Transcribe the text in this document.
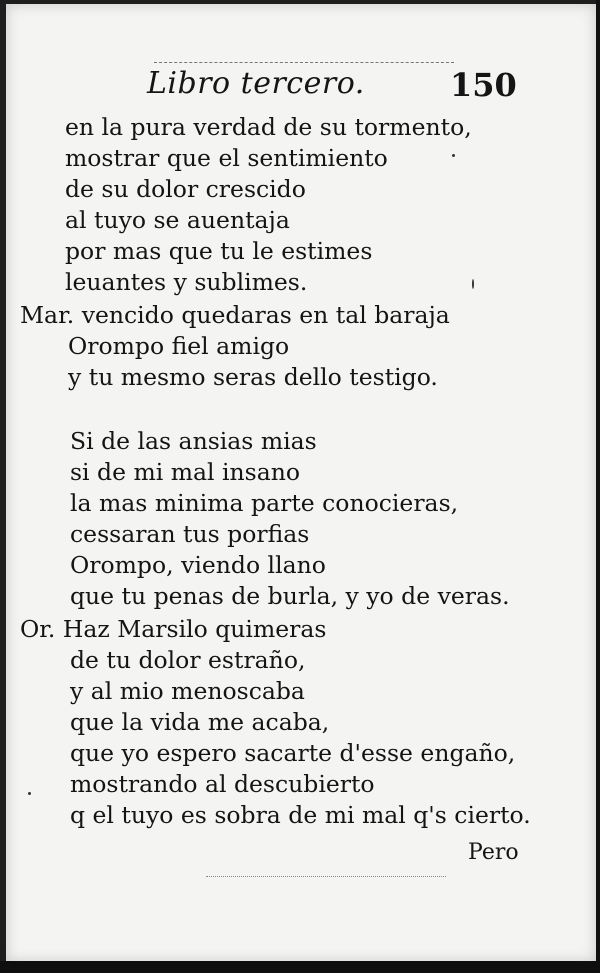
Libro tercero.	150
en la pura verdad de su tormento,
mostrar que el sentimiento
de su dolor crescido
al tuyo se auentaja
por mas que tu le estimes
leuantes y sublimes.
Mar. vencido quedaras en tal baraja
Orompo fiel amigo
y tu mesmo seras dello testigo.
Si de las ansias mias
si de mi mal insano
la mas minima parte conocieras,
cessaran tus porfias
Orompo, viendo llano
que tu penas de burla, y yo de veras.
Or. Haz Marsilo quimeras
de tu dolor estraño,
y al mio menoscaba
que la vida me acaba,
que yo espero sacarte d'esse engaño,
mostrando al descubierto
q el tuyo es sobra de mi mal q's cierto.
Pero
